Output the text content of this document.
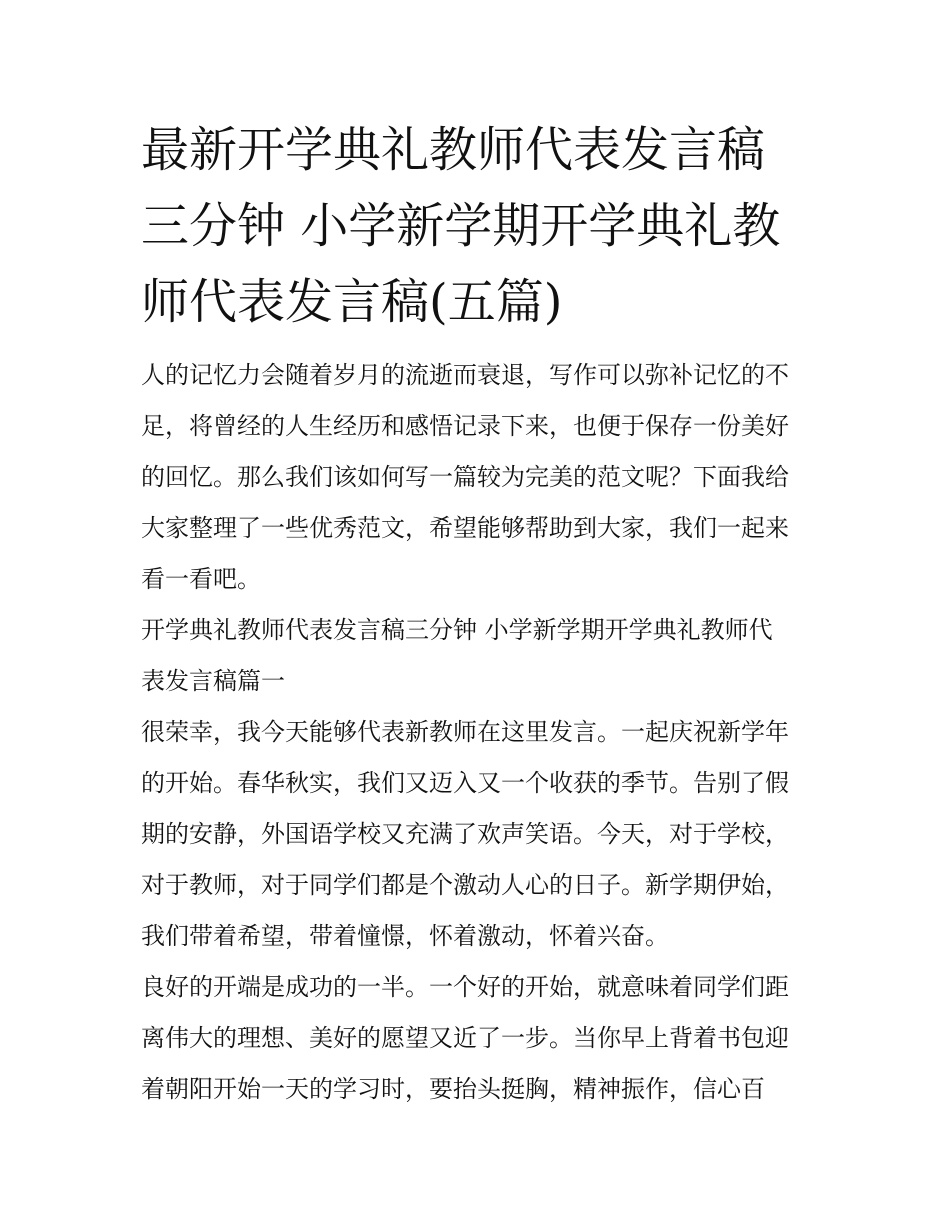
最新开学典礼教师代表发言稿
三分钟 小学新学期开学典礼教
师代表发言稿(五篇)
人的记忆力会随着岁月的流逝而衰退，写作可以弥补记忆的不
足，将曾经的人生经历和感悟记录下来，也便于保存一份美好
的回忆。那么我们该如何写一篇较为完美的范文呢？下面我给
大家整理了一些优秀范文，希望能够帮助到大家，我们一起来
看一看吧。
开学典礼教师代表发言稿三分钟 小学新学期开学典礼教师代
表发言稿篇一
很荣幸，我今天能够代表新教师在这里发言。一起庆祝新学年
的开始。春华秋实，我们又迈入又一个收获的季节。告别了假
期的安静，外国语学校又充满了欢声笑语。今天，对于学校，
对于教师，对于同学们都是个激动人心的日子。新学期伊始，
我们带着希望，带着憧憬，怀着激动，怀着兴奋。
良好的开端是成功的一半。一个好的开始，就意味着同学们距
离伟大的理想、美好的愿望又近了一步。当你早上背着书包迎
着朝阳开始一天的学习时，要抬头挺胸，精神振作，信心百
